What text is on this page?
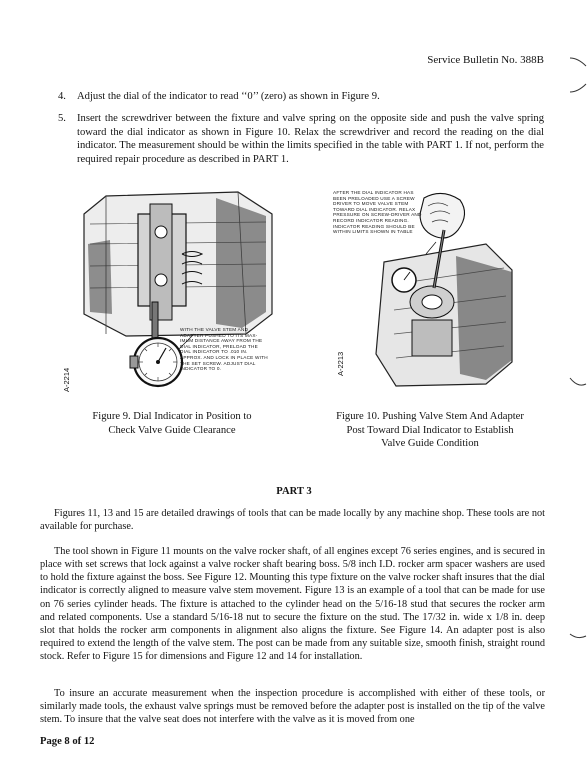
Service Bulletin No. 388B
4. Adjust the dial of the indicator to read ‘‘0’’ (zero) as shown in Figure 9.
5. Insert the screwdriver between the fixture and valve spring on the opposite side and push the valve spring toward the dial indicator as shown in Figure 10. Relax the screwdriver and record the reading on the dial indicator. The measurement should be within the limits specified in the table with PART 1. If not, perform the required repair procedure as described in PART 1.
WITH THE VALVE STEM AND ADAPTER PUSHED TO ITS MAX-IMUM DISTANCE AWAY FROM THE DIAL INDICATOR, PRELOAD THE DIAL INDICATOR TO .010 IN. APPROX. AND LOCK IN PLACE WITH THE SET SCREW. ADJUST DIAL INDICATOR TO 0.
A-2214
AFTER THE DIAL INDICATOR HAS BEEN PRELOADED USE A SCREW DRIVER TO MOVE VALVE STEM TOWARD DIAL INDICATOR. RELAX PRESSURE ON SCREW-DRIVER AND RECORD INDICATOR READING. INDICATOR READING SHOULD BE WITHIN LIMITS SHOWN IN TABLE
A-2213
Figure 9. Dial Indicator in Position to
Check Valve Guide Clearance
Figure 10. Pushing Valve Stem And Adapter
Post Toward Dial Indicator to Establish
Valve Guide Condition
PART 3
Figures 11, 13 and 15 are detailed drawings of tools that can be made locally by any machine shop. These tools are not available for purchase.
The tool shown in Figure 11 mounts on the valve rocker shaft, of all engines except 76 series engines, and is secured in place with set screws that lock against a valve rocker shaft bearing boss. 5/8 inch I.D. rocker arm spacer washers are used to hold the fixture against the boss. See Figure 12. Mounting this type fixture on the valve rocker shaft insures that the dial indicator is correctly aligned to measure valve stem movement. Figure 13 is an example of a tool that can be made for use on 76 series cylinder heads. The fixture is attached to the cylinder head on the 5/16-18 stud that secures the rocker arm and related components. Use a standard 5/16-18 nut to secure the fixture on the stud. The 17/32 in. wide x 1/8 in. deep slot that holds the rocker arm components in alignment also aligns the fixture. See Figure 14. An adapter post is also required to extend the length of the valve stem. The post can be made from any suitable size, smooth finish, straight round stock. Refer to Figure 15 for dimensions and Figure 12 and 14 for installation.
To insure an accurate measurement when the inspection procedure is accomplished with either of these tools, or similarly made tools, the exhaust valve springs must be removed before the adapter post is installed on the tip of the valve stem. To insure that the valve seat does not interfere with the valve as it is moved from one
Page 8 of 12
